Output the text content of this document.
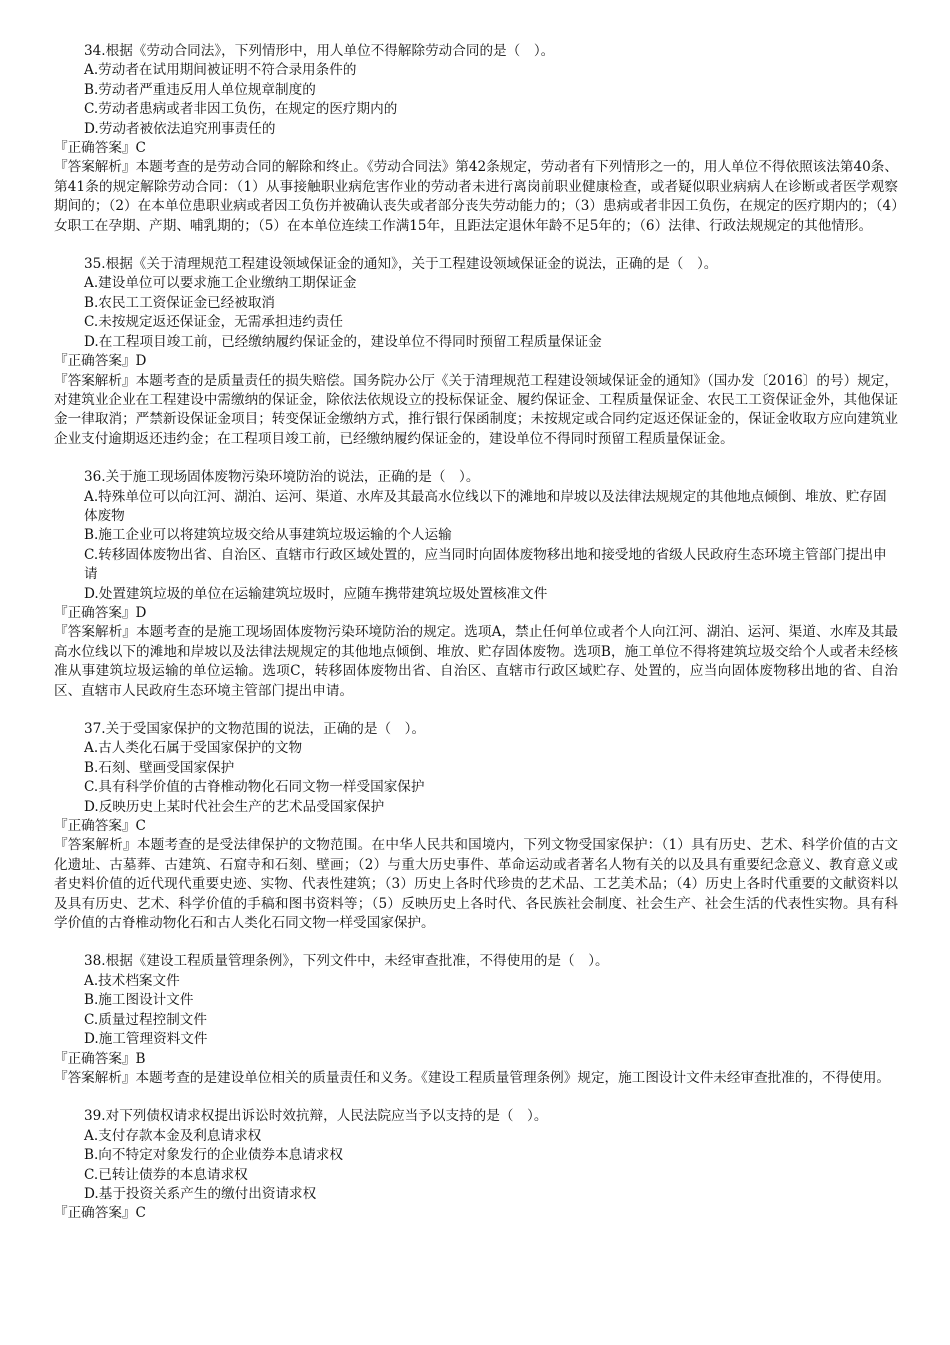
34.根据《劳动合同法》，下列情形中，用人单位不得解除劳动合同的是（　）。

A.劳动者在试用期间被证明不符合录用条件的

B.劳动者严重违反用人单位规章制度的

C.劳动者患病或者非因工负伤，在规定的医疗期内的

D.劳动者被依法追究刑事责任的

『正确答案』C

『答案解析』本题考查的是劳动合同的解除和终止。《劳动合同法》第42条规定，劳动者有下列情形之一的，用人单位不得依照该法第40条、第41条的规定解除劳动合同：（1）从事接触职业病危害作业的劳动者未进行离岗前职业健康检查，或者疑似职业病病人在诊断或者医学观察期间的；（2）在本单位患职业病或者因工负伤并被确认丧失或者部分丧失劳动能力的；（3）患病或者非因工负伤，在规定的医疗期内的；（4）女职工在孕期、产期、哺乳期的；（5）在本单位连续工作满15年，且距法定退休年龄不足5年的；（6）法律、行政法规规定的其他情形。

35.根据《关于清理规范工程建设领域保证金的通知》，关于工程建设领域保证金的说法，正确的是（　）。

A.建设单位可以要求施工企业缴纳工期保证金

B.农民工工资保证金已经被取消

C.未按规定返还保证金，无需承担违约责任

D.在工程项目竣工前，已经缴纳履约保证金的，建设单位不得同时预留工程质量保证金

『正确答案』D

『答案解析』本题考查的是质量责任的损失赔偿。国务院办公厅《关于清理规范工程建设领域保证金的通知》（国办发〔2016〕的号）规定，对建筑业企业在工程建设中需缴纳的保证金，除依法依规设立的投标保证金、履约保证金、工程质量保证金、农民工工资保证金外，其他保证金一律取消；严禁新设保证金项目；转变保证金缴纳方式，推行银行保函制度；未按规定或合同约定返还保证金的，保证金收取方应向建筑业企业支付逾期返还违约金；在工程项目竣工前，已经缴纳履约保证金的，建设单位不得同时预留工程质量保证金。

36.关于施工现场固体废物污染环境防治的说法，正确的是（　）。

A.特殊单位可以向江河、湖泊、运河、渠道、水库及其最高水位线以下的滩地和岸坡以及法律法规规定的其他地点倾倒、堆放、贮存固体废物

B.施工企业可以将建筑垃圾交给从事建筑垃圾运输的个人运输

C.转移固体废物出省、自治区、直辖市行政区域处置的，应当同时向固体废物移出地和接受地的省级人民政府生态环境主管部门提出申请

D.处置建筑垃圾的单位在运输建筑垃圾时，应随车携带建筑垃圾处置核准文件

『正确答案』D

『答案解析』本题考查的是施工现场固体废物污染环境防治的规定。选项A，禁止任何单位或者个人向江河、湖泊、运河、渠道、水库及其最高水位线以下的滩地和岸坡以及法律法规规定的其他地点倾倒、堆放、贮存固体废物。选项B，施工单位不得将建筑垃圾交给个人或者未经核准从事建筑垃圾运输的单位运输。选项C，转移固体废物出省、自治区、直辖市行政区域贮存、处置的，应当向固体废物移出地的省、自治区、直辖市人民政府生态环境主管部门提出申请。

37.关于受国家保护的文物范围的说法，正确的是（　）。

A.古人类化石属于受国家保护的文物

B.石刻、壁画受国家保护

C.具有科学价值的古脊椎动物化石同文物一样受国家保护

D.反映历史上某时代社会生产的艺术品受国家保护

『正确答案』C

『答案解析』本题考查的是受法律保护的文物范围。在中华人民共和国境内，下列文物受国家保护：（1）具有历史、艺术、科学价值的古文化遗址、古墓葬、古建筑、石窟寺和石刻、壁画；（2）与重大历史事件、革命运动或者著名人物有关的以及具有重要纪念意义、教育意义或者史料价值的近代现代重要史迹、实物、代表性建筑；（3）历史上各时代珍贵的艺术品、工艺美术品；（4）历史上各时代重要的文献资料以及具有历史、艺术、科学价值的手稿和图书资料等；（5）反映历史上各时代、各民族社会制度、社会生产、社会生活的代表性实物。具有科学价值的古脊椎动物化石和古人类化石同文物一样受国家保护。

38.根据《建设工程质量管理条例》，下列文件中，未经审查批准，不得使用的是（　）。

A.技术档案文件

B.施工图设计文件

C.质量过程控制文件

D.施工管理资料文件

『正确答案』B

『答案解析』本题考查的是建设单位相关的质量责任和义务。《建设工程质量管理条例》规定，施工图设计文件未经审查批准的，不得使用。

39.对下列债权请求权提出诉讼时效抗辩，人民法院应当予以支持的是（　）。

A.支付存款本金及利息请求权

B.向不特定对象发行的企业债券本息请求权

C.已转让债券的本息请求权

D.基于投资关系产生的缴付出资请求权

『正确答案』C
